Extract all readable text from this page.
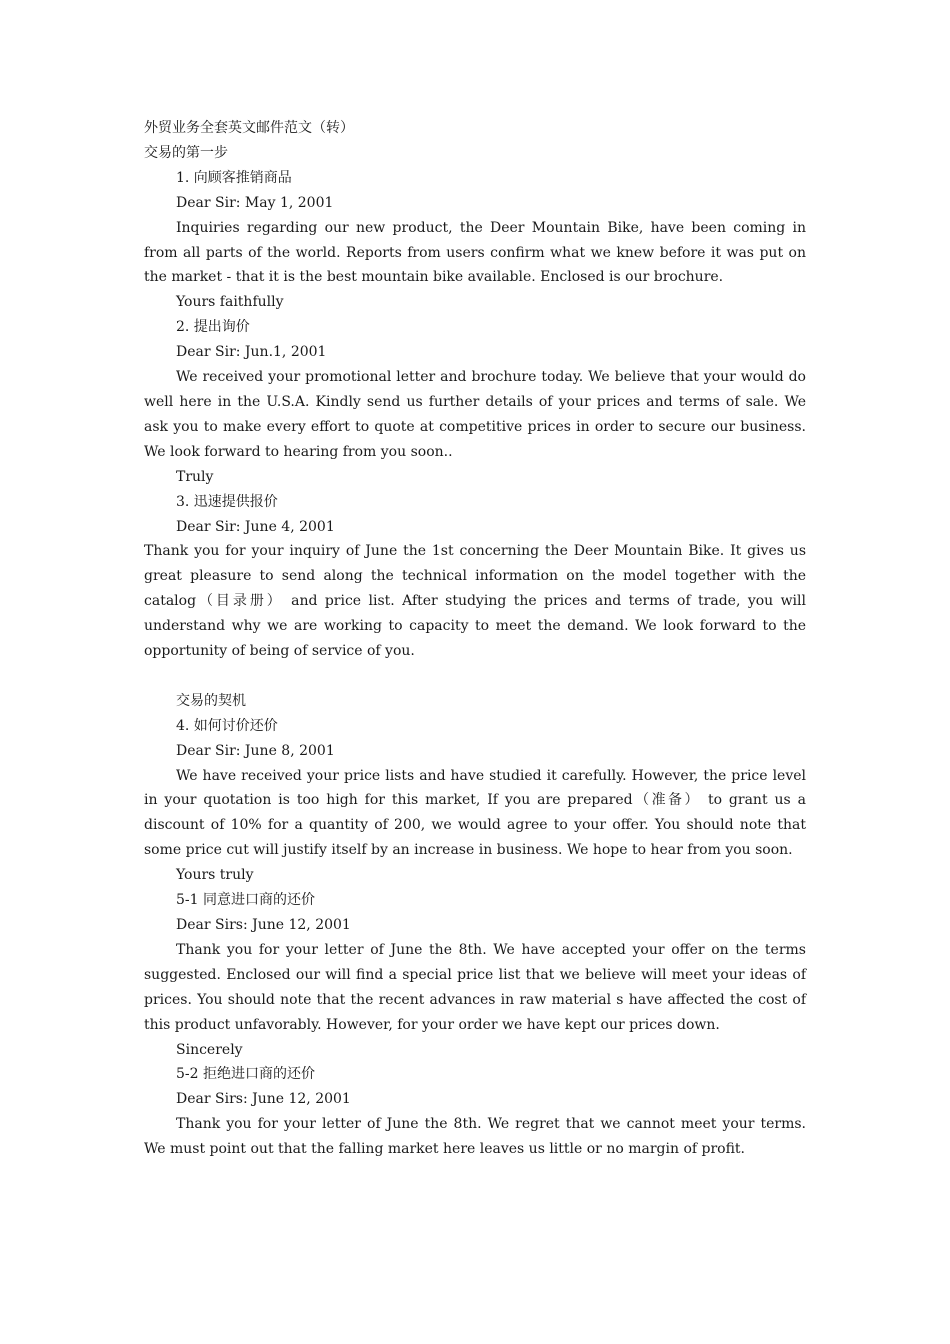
外贸业务全套英文邮件范文（转）

交易的第一步

1. 向顾客推销商品

Dear Sir: May 1, 2001

Inquiries regarding our new product, the Deer Mountain Bike, have been coming in from all parts of the world. Reports from users confirm what we knew before it was put on the market - that it is the best mountain bike available. Enclosed is our brochure.

Yours faithfully

2. 提出询价

Dear Sir: Jun.1, 2001

We received your promotional letter and brochure today. We believe that your would do well here in the U.S.A. Kindly send us further details of your prices and terms of sale. We ask you to make every effort to quote at competitive prices in order to secure our business. We look forward to hearing from you soon..

Truly

3. 迅速提供报价

Dear Sir: June 4, 2001

Thank you for your inquiry of June the 1st concerning the Deer Mountain Bike. It gives us great pleasure to send along the technical information on the model together with the catalog（目录册） and price list. After studying the prices and terms of trade, you will understand why we are working to capacity to meet the demand. We look forward to the opportunity of being of service of you.

交易的契机

4. 如何讨价还价

Dear Sir: June 8, 2001

We have received your price lists and have studied it carefully. However, the price level in your quotation is too high for this market, If you are prepared（准备） to grant us a discount of 10% for a quantity of 200, we would agree to your offer. You should note that some price cut will justify itself by an increase in business. We hope to hear from you soon.

Yours truly

5-1 同意进口商的还价

Dear Sirs: June 12, 2001

Thank you for your letter of June the 8th. We have accepted your offer on the terms suggested. Enclosed our will find a special price list that we believe will meet your ideas of prices. You should note that the recent advances in raw material s have affected the cost of this product unfavorably. However, for your order we have kept our prices down.

Sincerely

5-2 拒绝进口商的还价

Dear Sirs: June 12, 2001

Thank you for your letter of June the 8th. We regret that we cannot meet your terms. We must point out that the falling market here leaves us little or no margin of profit.
